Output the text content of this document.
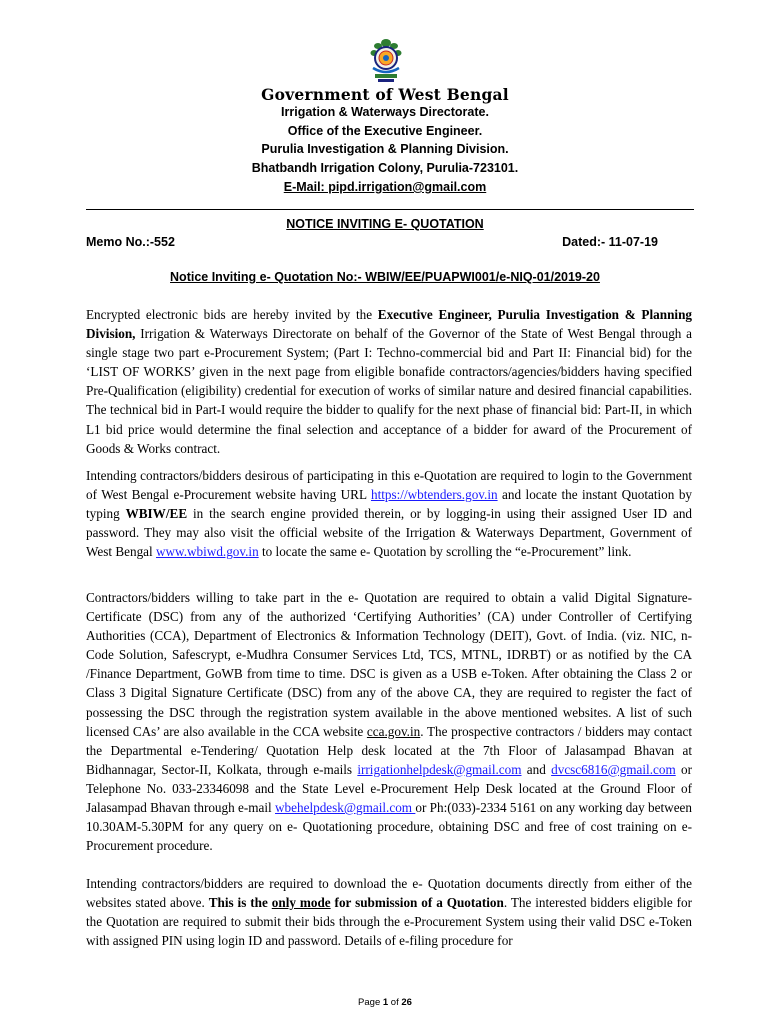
Government of West Bengal
Irrigation & Waterways Directorate.
Office of the Executive Engineer.
Purulia Investigation & Planning Division.
Bhatbandh Irrigation Colony, Purulia-723101.
E-Mail: pipd.irrigation@gmail.com
NOTICE INVITING E- QUOTATION
Memo No.:-552	Dated:- 11-07-19
Notice Inviting e- Quotation No:- WBIW/EE/PUAPWI001/e-NIQ-01/2019-20

Encrypted electronic bids are hereby invited by the Executive Engineer, Purulia Investigation & Planning Division, Irrigation & Waterways Directorate on behalf of the Governor of the State of West Bengal through a single stage two part e-Procurement System; (Part I: Techno-commercial bid and Part II: Financial bid) for the ‘LIST OF WORKS’ given in the next page from eligible bonafide contractors/agencies/bidders having specified Pre-Qualification (eligibility) credential for execution of works of similar nature and desired financial capabilities. The technical bid in Part-I would require the bidder to qualify for the next phase of financial bid: Part-II, in which L1 bid price would determine the final selection and acceptance of a bidder for award of the Procurement of Goods & Works contract.

Intending contractors/bidders desirous of participating in this e-Quotation are required to login to the Government of West Bengal e-Procurement website having URL https://wbtenders.gov.in and locate the instant Quotation by typing WBIW/EE in the search engine provided therein, or by logging-in using their assigned User ID and password. They may also visit the official website of the Irrigation & Waterways Department, Government of West Bengal www.wbiwd.gov.in to locate the same e- Quotation by scrolling the “e-Procurement” link.

Contractors/bidders willing to take part in the e- Quotation are required to obtain a valid Digital Signature- Certificate (DSC) from any of the authorized ‘Certifying Authorities’ (CA) under Controller of Certifying Authorities (CCA), Department of Electronics & Information Technology (DEIT), Govt. of India. (viz. NIC, n-Code Solution, Safescrypt, e-Mudhra Consumer Services Ltd, TCS, MTNL, IDRBT) or as notified by the CA /Finance Department, GoWB from time to time. DSC is given as a USB e-Token. After obtaining the Class 2 or Class 3 Digital Signature Certificate (DSC) from any of the above CA, they are required to register the fact of possessing the DSC through the registration system available in the above mentioned websites. A list of such licensed CAs’ are also available in the CCA website cca.gov.in. The prospective contractors / bidders may contact the Departmental e-Tendering/ Quotation Help desk located at the 7th Floor of Jalasampad Bhavan at Bidhannagar, Sector-II, Kolkata, through e-mails irrigationhelpdesk@gmail.com and dvcsc6816@gmail.com or Telephone No. 033-23346098 and the State Level e-Procurement Help Desk located at the Ground Floor of Jalasampad Bhavan through e-mail wbehelpdesk@gmail.com or Ph:(033)-2334 5161 on any working day between 10.30AM-5.30PM for any query on e- Quotationing procedure, obtaining DSC and free of cost training on e-Procurement procedure.

Intending contractors/bidders are required to download the e- Quotation documents directly from either of the websites stated above. This is the only mode for submission of a Quotation. The interested bidders eligible for the Quotation are required to submit their bids through the e-Procurement System using their valid DSC e-Token with assigned PIN using login ID and password. Details of e-filing procedure for

Page 1 of 26
